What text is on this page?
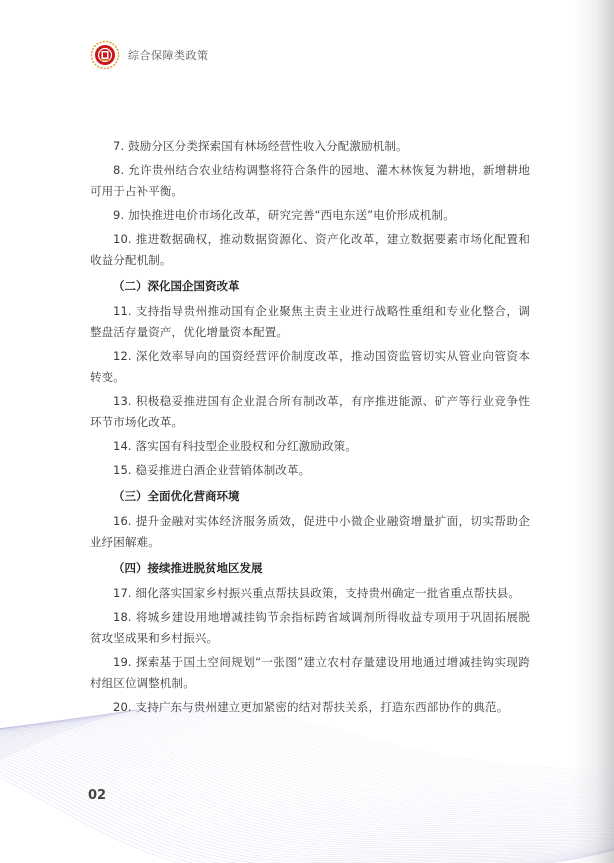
综合保障类政策

7. 鼓励分区分类探索国有林场经营性收入分配激励机制。

8. 允许贵州结合农业结构调整将符合条件的园地、灌木林恢复为耕地，新增耕地可用于占补平衡。

9. 加快推进电价市场化改革，研究完善“西电东送”电价形成机制。

10. 推进数据确权，推动数据资源化、资产化改革，建立数据要素市场化配置和收益分配机制。

（二）深化国企国资改革

11. 支持指导贵州推动国有企业聚焦主责主业进行战略性重组和专业化整合，调整盘活存量资产，优化增量资本配置。

12. 深化效率导向的国资经营评价制度改革，推动国资监管切实从管业向管资本转变。

13. 积极稳妥推进国有企业混合所有制改革，有序推进能源、矿产等行业竞争性环节市场化改革。

14. 落实国有科技型企业股权和分红激励政策。

15. 稳妥推进白酒企业营销体制改革。

（三）全面优化营商环境

16. 提升金融对实体经济服务质效，促进中小微企业融资增量扩面，切实帮助企业纾困解难。

（四）接续推进脱贫地区发展

17. 细化落实国家乡村振兴重点帮扶县政策，支持贵州确定一批省重点帮扶县。

18. 将城乡建设用地增减挂钩节余指标跨省域调剂所得收益专项用于巩固拓展脱贫攻坚成果和乡村振兴。

19. 探索基于国土空间规划“一张图”建立农村存量建设用地通过增减挂钩实现跨村组区位调整机制。

20. 支持广东与贵州建立更加紧密的结对帮扶关系，打造东西部协作的典范。

02
